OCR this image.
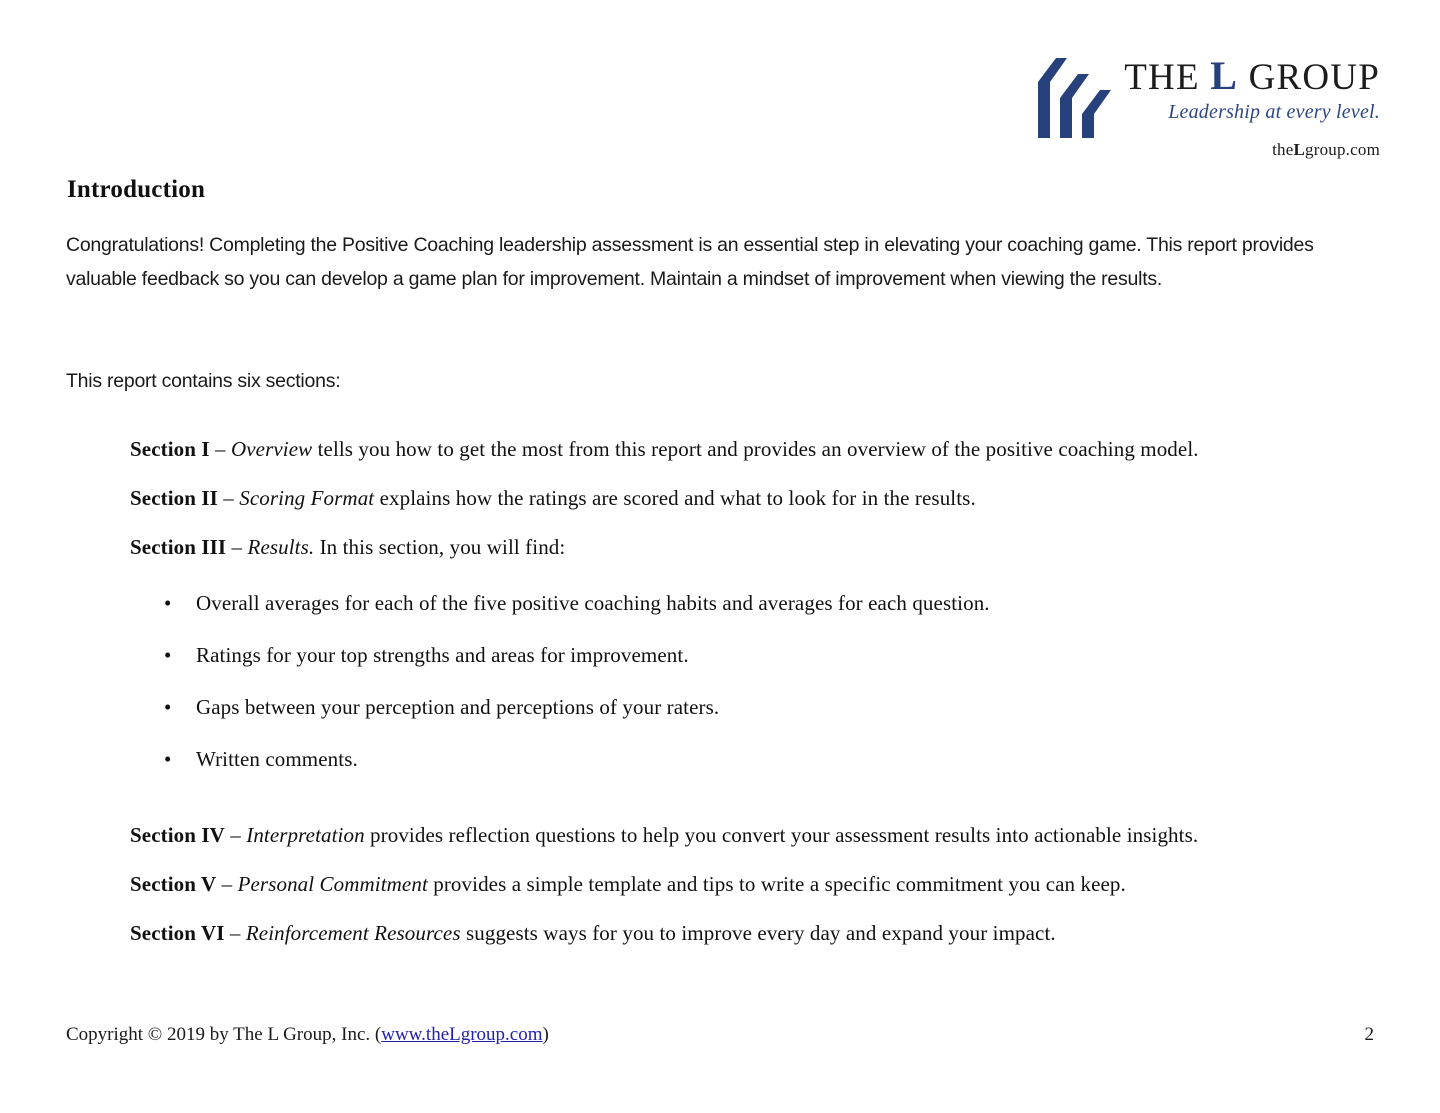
THE L GROUP
Leadership at every level.
theLgroup.com
Introduction

Congratulations! Completing the Positive Coaching leadership assessment is an essential step in elevating your coaching game. This report provides valuable feedback so you can develop a game plan for improvement. Maintain a mindset of improvement when viewing the results.

This report contains six sections:

Section I – Overview tells you how to get the most from this report and provides an overview of the positive coaching model.

Section II – Scoring Format explains how the ratings are scored and what to look for in the results.

Section III – Results. In this section, you will find:

• Overall averages for each of the five positive coaching habits and averages for each question.
• Ratings for your top strengths and areas for improvement.
• Gaps between your perception and perceptions of your raters.
• Written comments.

Section IV – Interpretation provides reflection questions to help you convert your assessment results into actionable insights.

Section V – Personal Commitment provides a simple template and tips to write a specific commitment you can keep.

Section VI – Reinforcement Resources suggests ways for you to improve every day and expand your impact.

Copyright © 2019 by The L Group, Inc. (www.theLgroup.com)	2
